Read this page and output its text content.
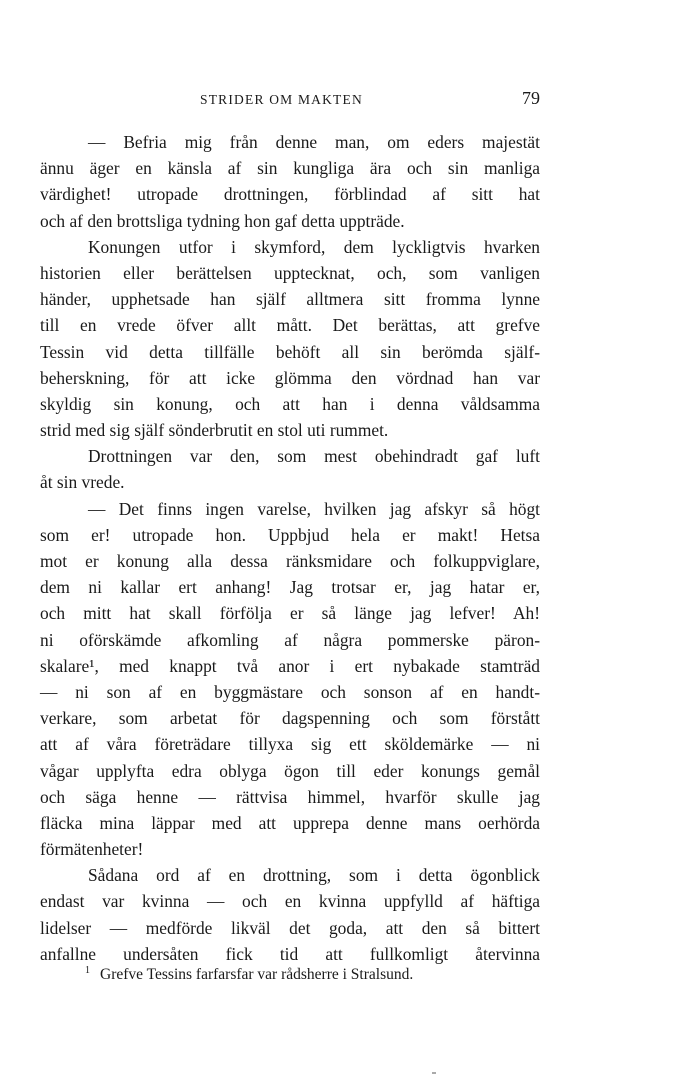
STRIDER OM MAKTEN	79
— Befria mig från denne man, om eders majestät
ännu äger en känsla af sin kungliga ära och sin manliga
värdighet! utropade drottningen, förblindad af sitt hat
och af den brottsliga tydning hon gaf detta uppträde.
Konungen utfor i skymford, dem lyckligtvis hvarken
historien eller berättelsen upptecknat, och, som vanligen
händer, upphetsade han själf alltmera sitt fromma lynne
till en vrede öfver allt mått. Det berättas, att grefve
Tessin vid detta tillfälle behöft all sin berömda själf-
beherskning, för att icke glömma den vördnad han var
skyldig sin konung, och att han i denna våldsamma
strid med sig själf sönderbrutit en stol uti rummet.
Drottningen var den, som mest obehindradt gaf luft
åt sin vrede.
— Det finns ingen varelse, hvilken jag afskyr så högt
som er! utropade hon. Uppbjud hela er makt! Hetsa
mot er konung alla dessa ränksmidare och folkuppviglare,
dem ni kallar ert anhang! Jag trotsar er, jag hatar er,
och mitt hat skall förfölja er så länge jag lefver! Ah!
ni oförskämde afkomling af några pommerske päron-
skalare¹, med knappt två anor i ert nybakade stamträd
— ni son af en byggmästare och sonson af en handt-
verkare, som arbetat för dagspenning och som förstått
att af våra företrädare tillyxa sig ett sköldemärke — ni
vågar upplyfta edra oblyga ögon till eder konungs gemål
och säga henne — rättvisa himmel, hvarför skulle jag
fläcka mina läppar med att upprepa denne mans oerhörda
förmätenheter!
Sådana ord af en drottning, som i detta ögonblick
endast var kvinna — och en kvinna uppfylld af häftiga
lidelser — medförde likväl det goda, att den så bittert
anfallne undersåten fick tid att fullkomligt återvinna
$^1$ Grefve Tessins farfarsfar var rådsherre i Stralsund.
